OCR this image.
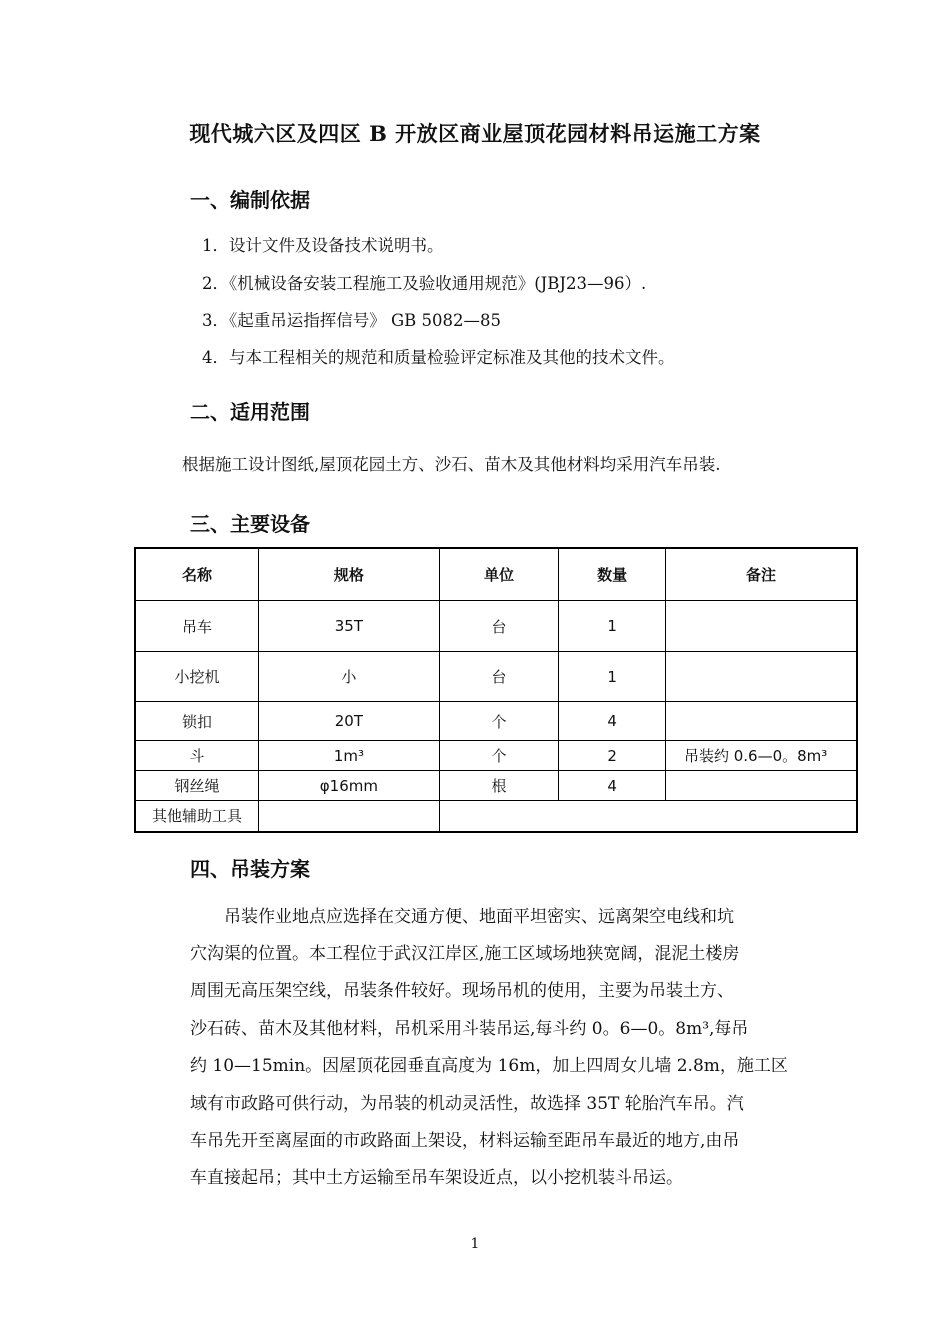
现代城六区及四区 B 开放区商业屋顶花园材料吊运施工方案
一、编制依据
1．设计文件及设备技术说明书。
2．《机械设备安装工程施工及验收通用规范》(JBJ23—96）.
3．《起重吊运指挥信号》 GB 5082—85
4．与本工程相关的规范和质量检验评定标准及其他的技术文件。
二、适用范围
根据施工设计图纸,屋顶花园土方、沙石、苗木及其他材料均采用汽车吊装.
三、主要设备
名称	规格	单位	数量	备注
吊车	35T	台	1	
小挖机	小	台	1	
锁扣	20T	个	4	
斗	1m³	个	2	吊装约 0.6—0。8m³
钢丝绳	φ16mm	根	4	
其他辅助工具				
四、吊装方案
　　吊装作业地点应选择在交通方便、地面平坦密实、远离架空电线和坑
穴沟渠的位置。本工程位于武汉江岸区,施工区域场地狭宽阔，混泥土楼房
周围无高压架空线，吊装条件较好。现场吊机的使用，主要为吊装土方、
沙石砖、苗木及其他材料，吊机采用斗装吊运,每斗约 0。6—0。8m³,每吊
约 10—15min。因屋顶花园垂直高度为 16m，加上四周女儿墙 2.8m，施工区
域有市政路可供行动，为吊装的机动灵活性，故选择 35T 轮胎汽车吊。汽
车吊先开至离屋面的市政路面上架设，材料运输至距吊车最近的地方,由吊
车直接起吊；其中土方运输至吊车架设近点，以小挖机装斗吊运。
1
